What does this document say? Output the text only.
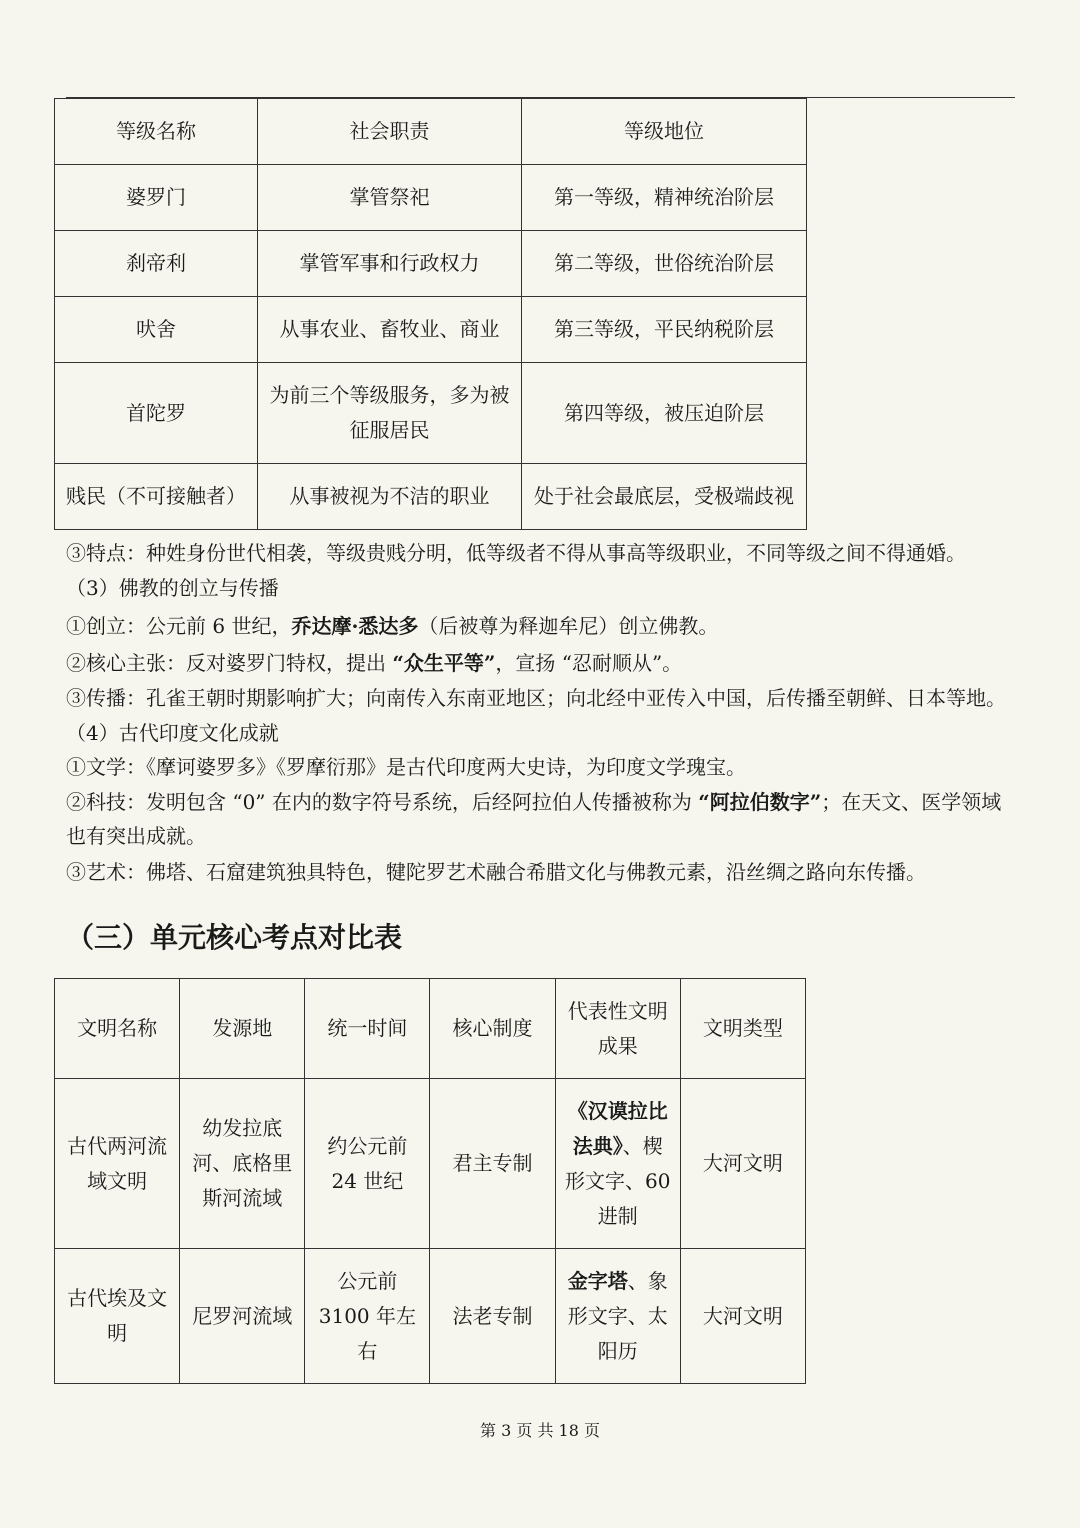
等级名称	社会职责	等级地位
婆罗门	掌管祭祀	第一等级，精神统治阶层
刹帝利	掌管军事和行政权力	第二等级，世俗统治阶层
吠舍	从事农业、畜牧业、商业	第三等级，平民纳税阶层
首陀罗	为前三个等级服务，多为被征服居民	第四等级，被压迫阶层
贱民（不可接触者）	从事被视为不洁的职业	处于社会最底层，受极端歧视
③特点：种姓身份世代相袭，等级贵贱分明，低等级者不得从事高等级职业，不同等级之间不得通婚。
（3）佛教的创立与传播
①创立：公元前 6 世纪，乔达摩·悉达多（后被尊为释迦牟尼）创立佛教。
②核心主张：反对婆罗门特权，提出 “众生平等”，宣扬 “忍耐顺从”。
③传播：孔雀王朝时期影响扩大；向南传入东南亚地区；向北经中亚传入中国，后传播至朝鲜、日本等地。
（4）古代印度文化成就
①文学：《摩诃婆罗多》《罗摩衍那》是古代印度两大史诗，为印度文学瑰宝。
②科技：发明包含 “0” 在内的数字符号系统，后经阿拉伯人传播被称为 “阿拉伯数字”；在天文、医学领域也有突出成就。
③艺术：佛塔、石窟建筑独具特色，犍陀罗艺术融合希腊文化与佛教元素，沿丝绸之路向东传播。
（三）单元核心考点对比表
文明名称	发源地	统一时间	核心制度	代表性文明成果	文明类型
古代两河流域文明	幼发拉底河、底格里斯河流域	约公元前 24 世纪	君主专制	《汉谟拉比法典》、楔形文字、60 进制	大河文明
古代埃及文明	尼罗河流域	公元前 3100 年左右	法老专制	金字塔、象形文字、太阳历	大河文明
第 3 页 共 18 页
